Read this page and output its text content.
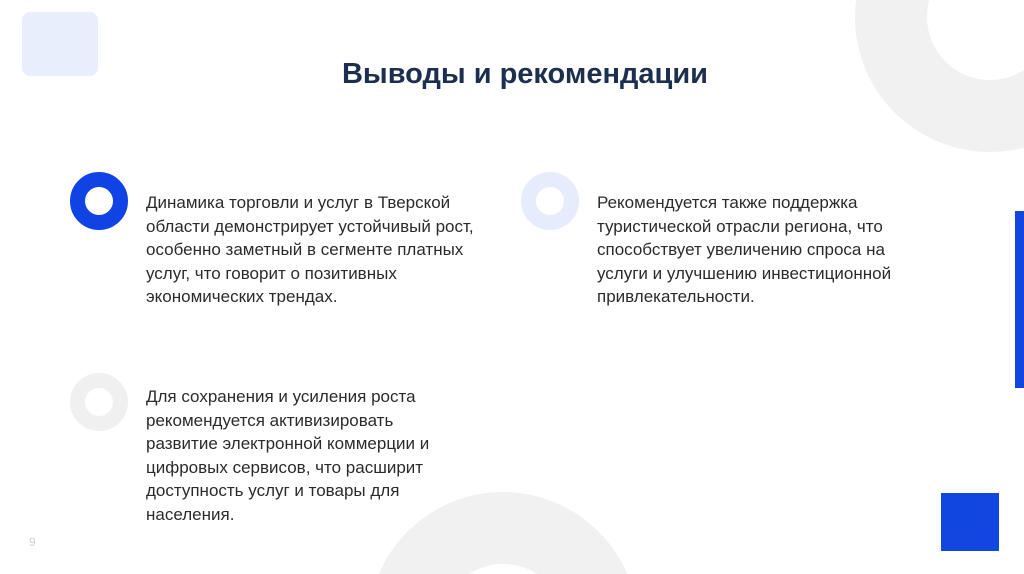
Выводы и рекомендации
Динамика торговли и услуг в Тверской области демонстрирует устойчивый рост, особенно заметный в сегменте платных услуг, что говорит о позитивных экономических трендах.
Рекомендуется также поддержка туристической отрасли региона, что способствует увеличению спроса на услуги и улучшению инвестиционной привлекательности.
Для сохранения и усиления роста рекомендуется активизировать развитие электронной коммерции и цифровых сервисов, что расширит доступность услуг и товары для населения.
9
